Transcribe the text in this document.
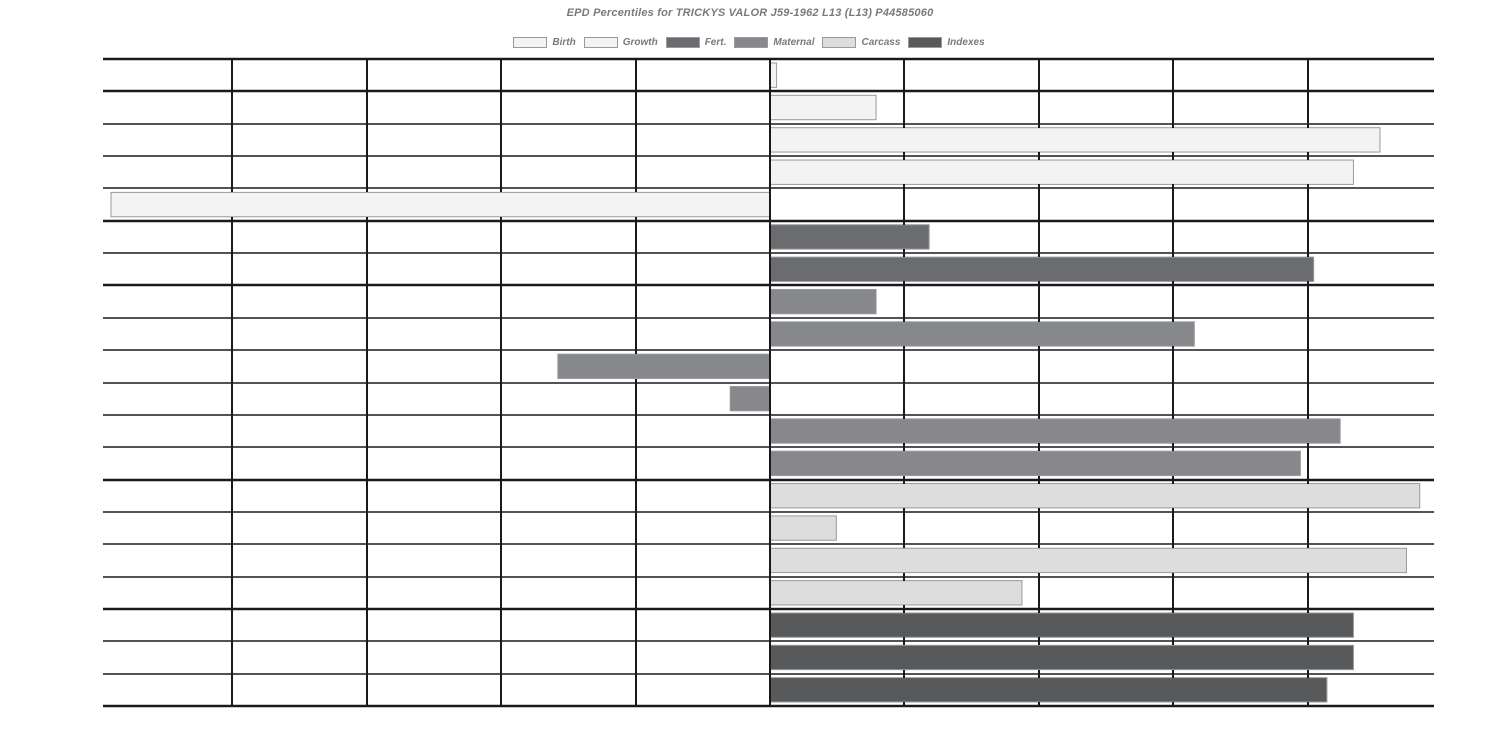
EPD Percentiles for TRICKYS VALOR J59-1962 L13 (L13) P44585060
Birth	Growth	Fert.	Maternal	Carcass	Indexes
